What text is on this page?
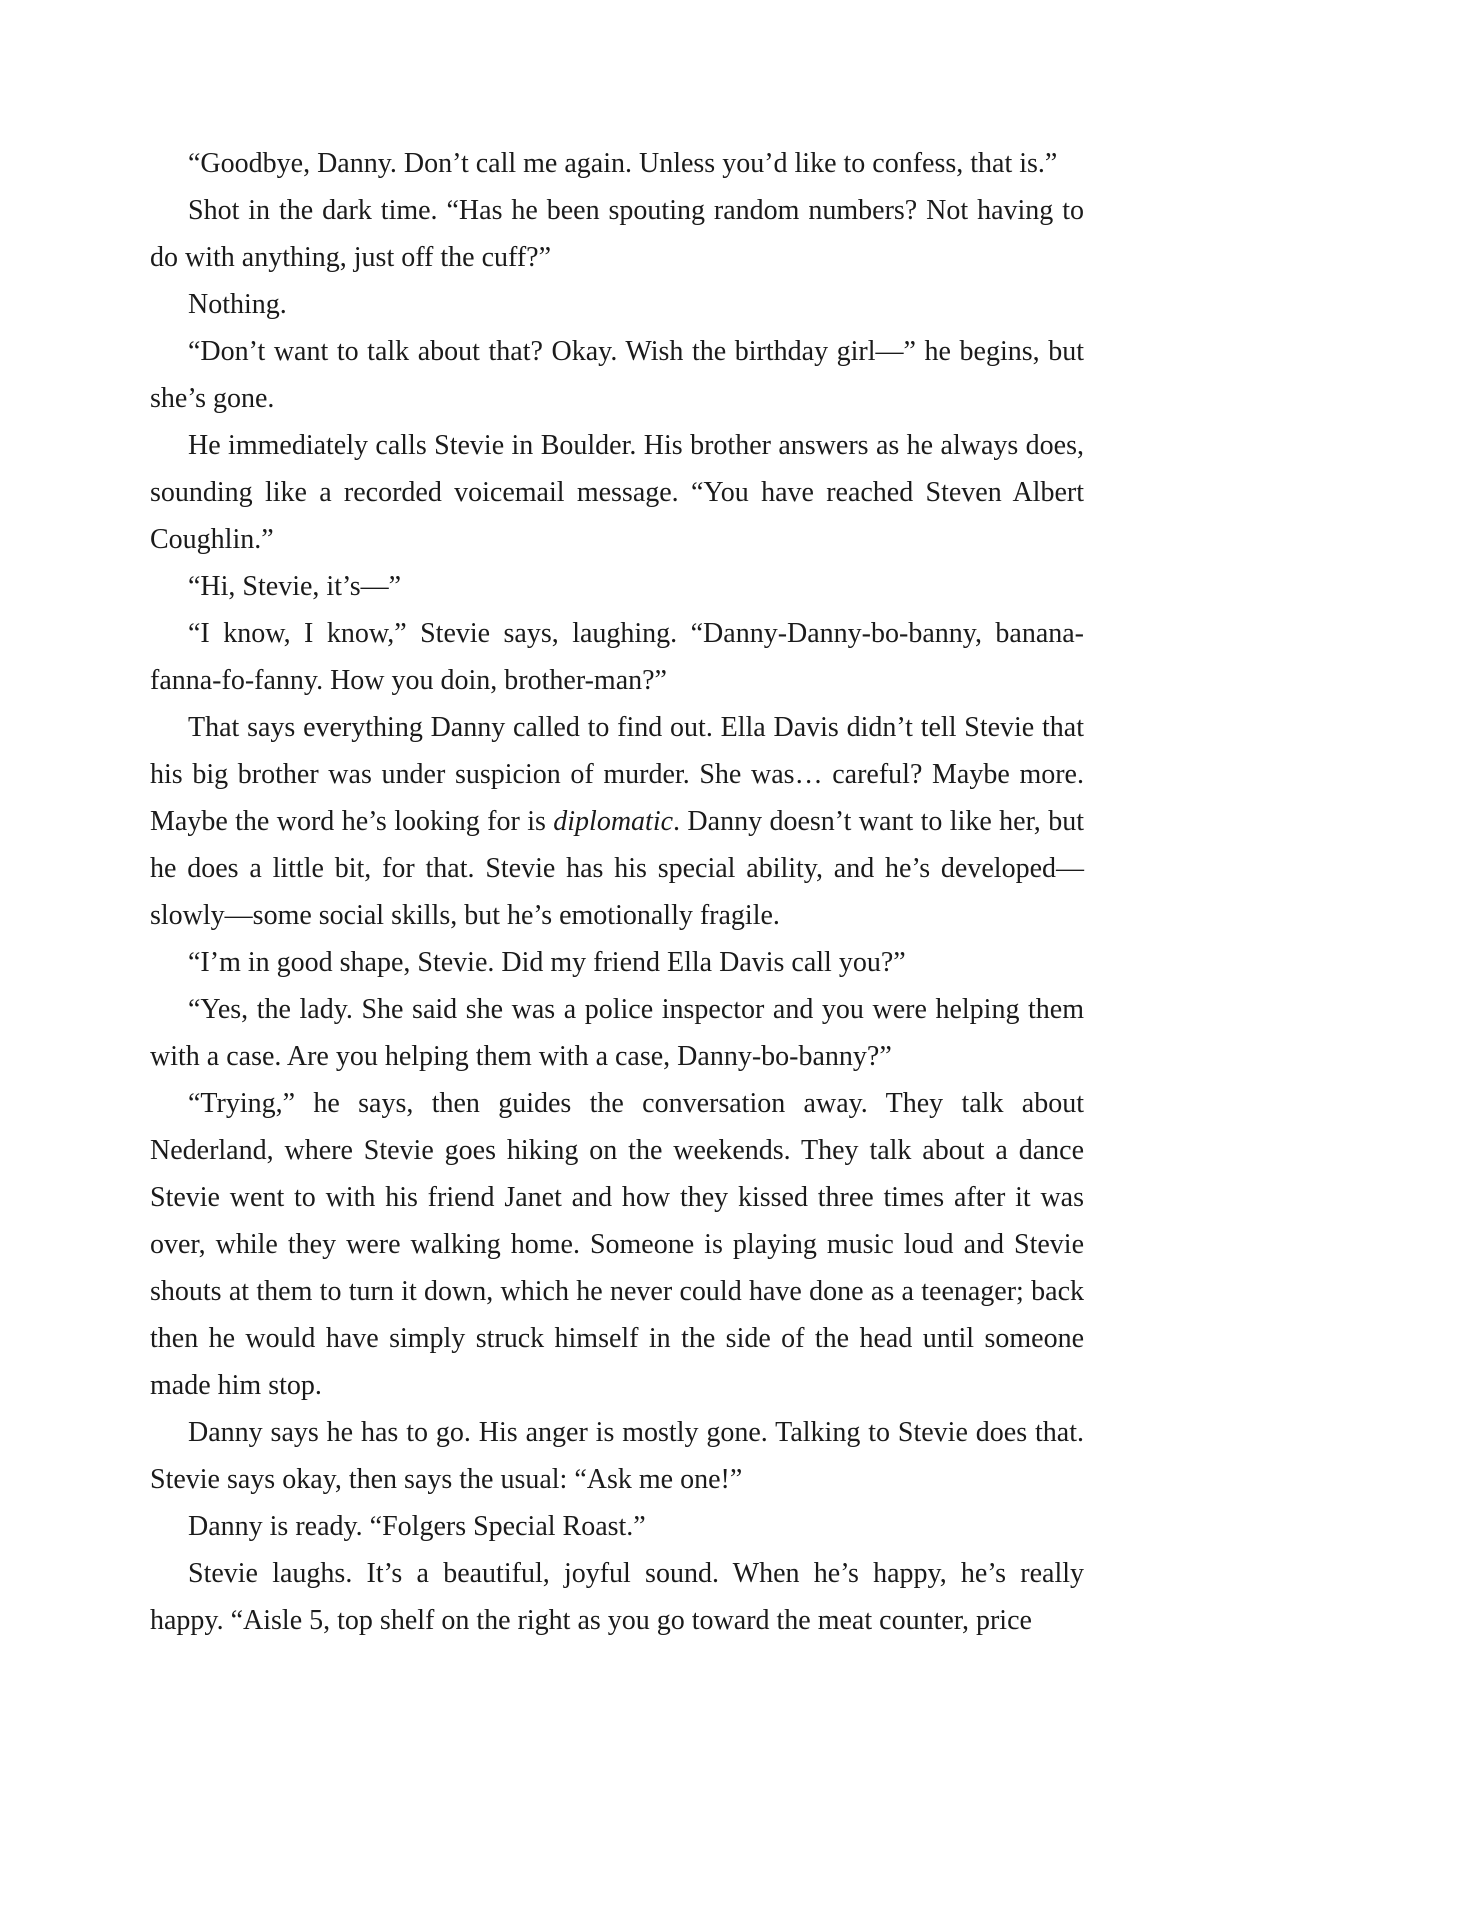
“Goodbye, Danny. Don’t call me again. Unless you’d like to confess, that is.”

Shot in the dark time. “Has he been spouting random numbers? Not having to do with anything, just off the cuff?”

Nothing.

“Don’t want to talk about that? Okay. Wish the birthday girl—” he begins, but she’s gone.

He immediately calls Stevie in Boulder. His brother answers as he always does, sounding like a recorded voicemail message. “You have reached Steven Albert Coughlin.”

“Hi, Stevie, it’s—”

“I know, I know,” Stevie says, laughing. “Danny-Danny-bo-banny, banana-fanna-fo-fanny. How you doin, brother-man?”

That says everything Danny called to find out. Ella Davis didn’t tell Stevie that his big brother was under suspicion of murder. She was… careful? Maybe more. Maybe the word he’s looking for is diplomatic. Danny doesn’t want to like her, but he does a little bit, for that. Stevie has his special ability, and he’s developed—slowly—some social skills, but he’s emotionally fragile.

“I’m in good shape, Stevie. Did my friend Ella Davis call you?”

“Yes, the lady. She said she was a police inspector and you were helping them with a case. Are you helping them with a case, Danny-bo-banny?”

“Trying,” he says, then guides the conversation away. They talk about Nederland, where Stevie goes hiking on the weekends. They talk about a dance Stevie went to with his friend Janet and how they kissed three times after it was over, while they were walking home. Someone is playing music loud and Stevie shouts at them to turn it down, which he never could have done as a teenager; back then he would have simply struck himself in the side of the head until someone made him stop.

Danny says he has to go. His anger is mostly gone. Talking to Stevie does that. Stevie says okay, then says the usual: “Ask me one!”

Danny is ready. “Folgers Special Roast.”

Stevie laughs. It’s a beautiful, joyful sound. When he’s happy, he’s really happy. “Aisle 5, top shelf on the right as you go toward the meat counter, price
